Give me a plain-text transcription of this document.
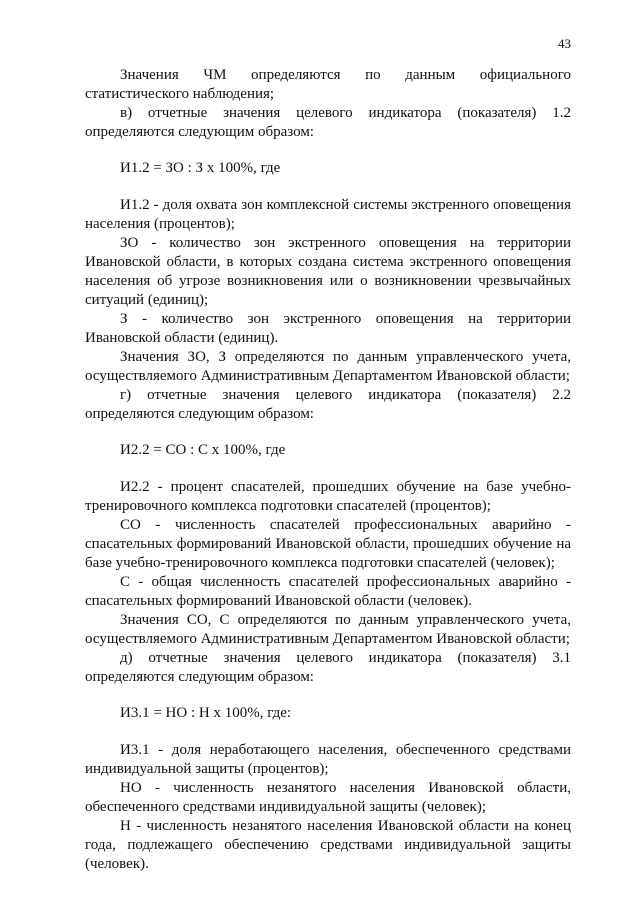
43

Значения ЧМ определяются по данным официального статистического наблюдения;

в) отчетные значения целевого индикатора (показателя) 1.2 определяются следующим образом:

И1.2 = ЗО : З х 100%, где

И1.2 - доля охвата зон комплексной системы экстренного оповещения населения (процентов);

ЗО - количество зон экстренного оповещения на территории Ивановской области, в которых создана система экстренного оповещения населения об угрозе возникновения или о возникновении чрезвычайных ситуаций (единиц);

З - количество зон экстренного оповещения на территории Ивановской области (единиц).

Значения ЗО, З определяются по данным управленческого учета, осуществляемого Административным Департаментом Ивановской области;

г) отчетные значения целевого индикатора (показателя) 2.2 определяются следующим образом:

И2.2 = СО : С х 100%, где

И2.2 - процент спасателей, прошедших обучение на базе учебно-тренировочного комплекса подготовки спасателей (процентов);

СО - численность спасателей профессиональных аварийно - спасательных формирований Ивановской области, прошедших обучение на базе учебно-тренировочного комплекса подготовки спасателей (человек);

С - общая численность спасателей профессиональных аварийно - спасательных формирований Ивановской области (человек).

Значения СО, С определяются по данным управленческого учета, осуществляемого Административным Департаментом Ивановской области;

д) отчетные значения целевого индикатора (показателя) 3.1 определяются следующим образом:

И3.1 = НО : Н х 100%, где:

И3.1 - доля неработающего населения, обеспеченного средствами индивидуальной защиты (процентов);

НО - численность незанятого населения Ивановской области, обеспеченного средствами индивидуальной защиты (человек);

Н - численность незанятого населения Ивановской области на конец года, подлежащего обеспечению средствами индивидуальной защиты (человек).
